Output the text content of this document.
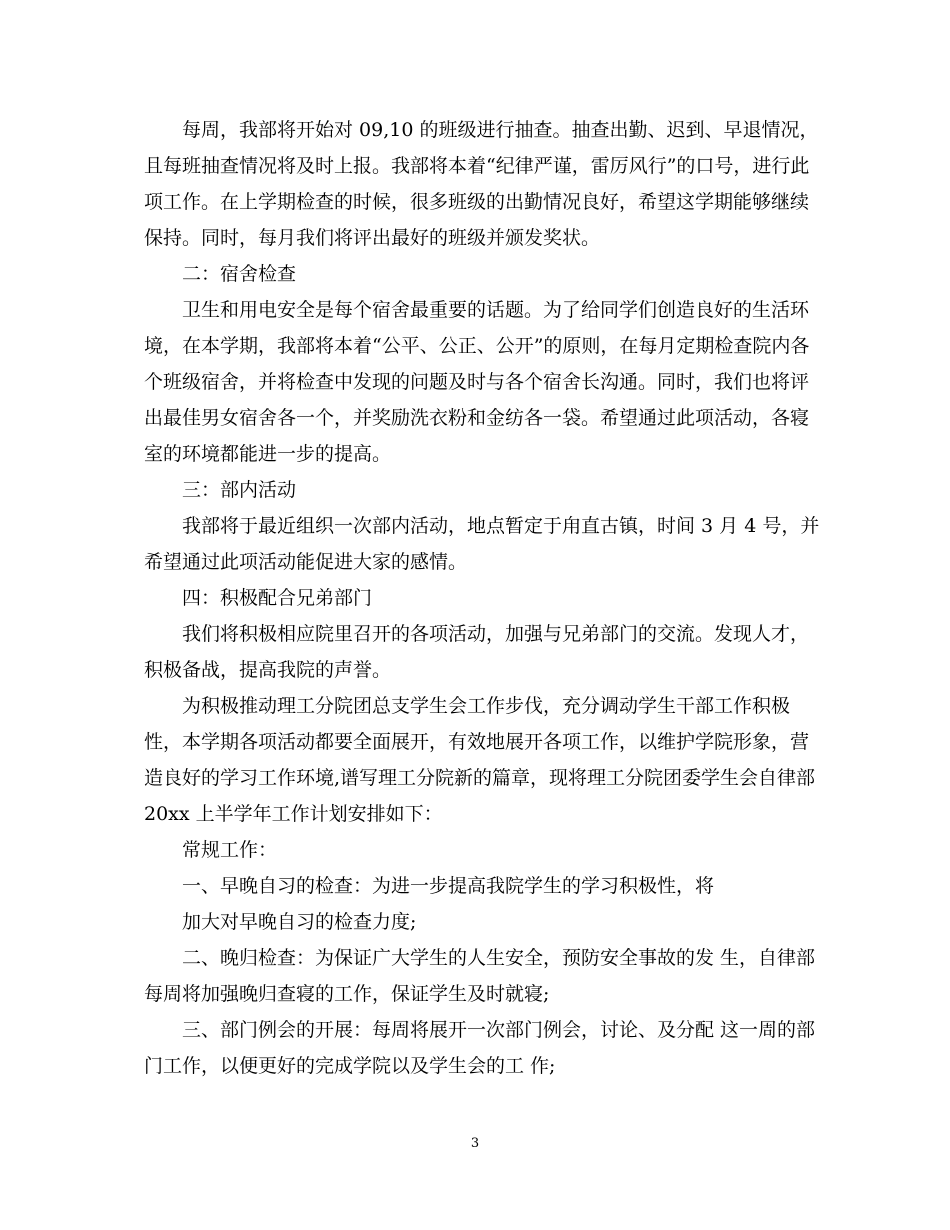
每周，我部将开始对 09,10 的班级进行抽查。抽查出勤、迟到、早退情况，
且每班抽查情况将及时上报。我部将本着“纪律严谨，雷厉风行”的口号，进行此
项工作。在上学期检查的时候，很多班级的出勤情况良好，希望这学期能够继续
保持。同时，每月我们将评出最好的班级并颁发奖状。
二：宿舍检查
卫生和用电安全是每个宿舍最重要的话题。为了给同学们创造良好的生活环
境，在本学期，我部将本着“公平、公正、公开”的原则，在每月定期检查院内各
个班级宿舍，并将检查中发现的问题及时与各个宿舍长沟通。同时，我们也将评
出最佳男女宿舍各一个，并奖励洗衣粉和金纺各一袋。希望通过此项活动，各寝
室的环境都能进一步的提高。
三：部内活动
我部将于最近组织一次部内活动，地点暂定于甪直古镇，时间 3 月 4 号，并
希望通过此项活动能促进大家的感情。
四：积极配合兄弟部门
我们将积极相应院里召开的各项活动，加强与兄弟部门的交流。发现人才，
积极备战，提高我院的声誉。
为积极推动理工分院团总支学生会工作步伐，充分调动学生干部工作积极
性，本学期各项活动都要全面展开，有效地展开各项工作，以维护学院形象，营
造良好的学习工作环境,谱写理工分院新的篇章，现将理工分院团委学生会自律部
20xx 上半学年工作计划安排如下：
常规工作：
一、早晚自习的检查：为进一步提高我院学生的学习积极性，将
加大对早晚自习的检查力度;
二、晚归检查：为保证广大学生的人生安全，预防安全事故的发 生，自律部
每周将加强晚归查寝的工作，保证学生及时就寝;
三、部门例会的开展：每周将展开一次部门例会，讨论、及分配 这一周的部
门工作，以便更好的完成学院以及学生会的工 作;
3
